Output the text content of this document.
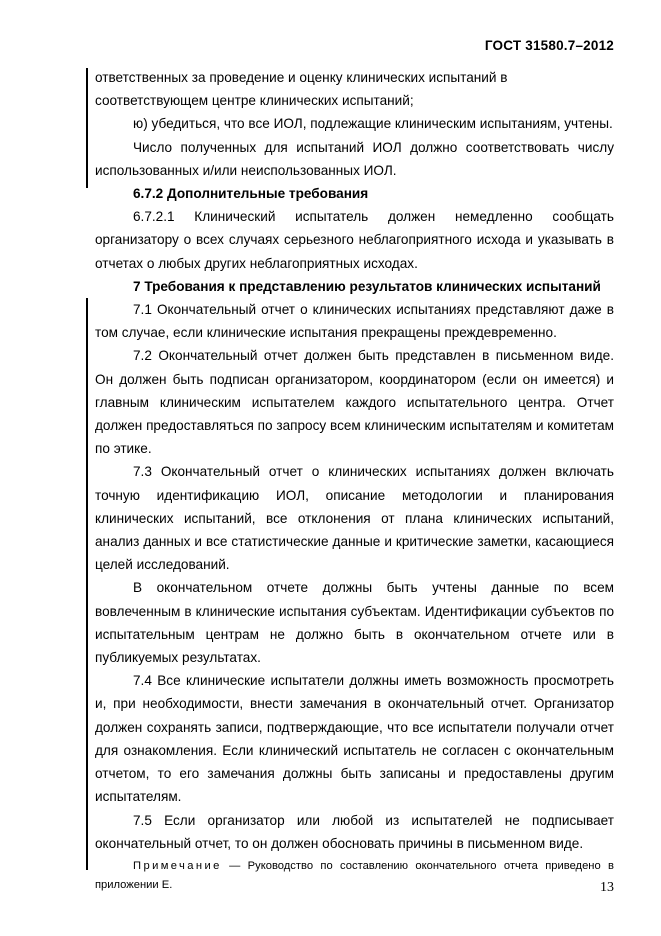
ГОСТ 31580.7–2012

ответственных за проведение и оценку клинических испытаний в

соответствующем центре клинических испытаний;

ю) убедиться, что все ИОЛ, подлежащие клиническим испытаниям, учтены.

Число полученных для испытаний ИОЛ должно соответствовать числу использованных и/или неиспользованных ИОЛ.

6.7.2 Дополнительные требования

6.7.2.1 Клинический испытатель должен немедленно сообщать организатору о всех случаях серьезного неблагоприятного исхода и указывать в отчетах о любых других неблагоприятных исходах.

7 Требования к представлению результатов клинических испытаний

7.1 Окончательный отчет о клинических испытаниях представляют даже в том случае, если клинические испытания прекращены преждевременно.

7.2 Окончательный отчет должен быть представлен в письменном виде. Он должен быть подписан организатором, координатором (если он имеется) и главным клиническим испытателем каждого испытательного центра. Отчет должен предоставляться по запросу всем клиническим испытателям и комитетам по этике.

7.3 Окончательный отчет о клинических испытаниях должен включать точную идентификацию ИОЛ, описание методологии и планирования клинических испытаний, все отклонения от плана клинических испытаний, анализ данных и все статистические данные и критические заметки, касающиеся целей исследований.

В окончательном отчете должны быть учтены данные по всем вовлеченным в клинические испытания субъектам. Идентификации субъектов по испытательным центрам не должно быть в окончательном отчете или в публикуемых результатах.

7.4 Все клинические испытатели должны иметь возможность просмотреть и, при необходимости, внести замечания в окончательный отчет. Организатор должен сохранять записи, подтверждающие, что все испытатели получали отчет для ознакомления. Если клинический испытатель не согласен с окончательным отчетом, то его замечания должны быть записаны и предоставлены другим испытателям.

7.5 Если организатор или любой из испытателей не подписывает окончательный отчет, то он должен обосновать причины в письменном виде.

Примечание — Руководство по составлению окончательного отчета приведено в приложении Е.	13
